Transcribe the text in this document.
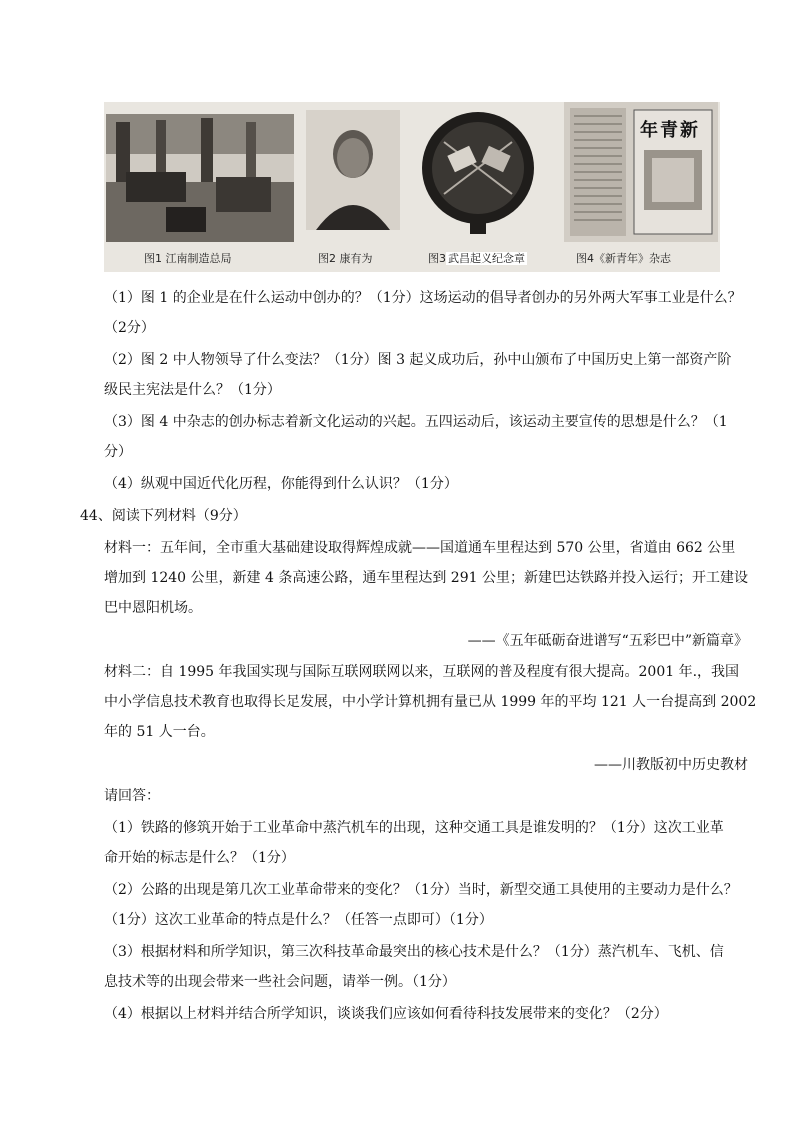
图1 江南制造总局	图2 康有为	图3 武昌起义纪念章
年青新
图4《新青年》杂志
（1）图 1 的企业是在什么运动中创办的？（1分）这场运动的倡导者创办的另外两大军事工业是什么？
（2分）
（2）图 2 中人物领导了什么变法？（1分）图 3 起义成功后，孙中山颁布了中国历史上第一部资产阶
级民主宪法是什么？（1分）
（3）图 4 中杂志的创办标志着新文化运动的兴起。五四运动后，该运动主要宣传的思想是什么？（1
分）
（4）纵观中国近代化历程，你能得到什么认识？（1分）
44、阅读下列材料（9分）
材料一：五年间，全市重大基础建设取得辉煌成就——国道通车里程达到 570 公里，省道由 662 公里
增加到 1240 公里，新建 4 条高速公路，通车里程达到 291 公里；新建巴达铁路并投入运行；开工建设
巴中恩阳机场。
——《五年砥砺奋进谱写“五彩巴中”新篇章》
材料二：自 1995 年我国实现与国际互联网联网以来，互联网的普及程度有很大提高。2001 年.，我国
中小学信息技术教育也取得长足发展，中小学计算机拥有量已从 1999 年的平均 121 人一台提高到 2002
年的 51 人一台。
——川教版初中历史教材
请回答：
（1）铁路的修筑开始于工业革命中蒸汽机车的出现，这种交通工具是谁发明的？（1分）这次工业革
命开始的标志是什么？（1分）
（2）公路的出现是第几次工业革命带来的变化？（1分）当时，新型交通工具使用的主要动力是什么？
（1分）这次工业革命的特点是什么？（任答一点即可）（1分）
（3）根据材料和所学知识，第三次科技革命最突出的核心技术是什么？（1分）蒸汽机车、飞机、信
息技术等的出现会带来一些社会问题，请举一例。（1分）
（4）根据以上材料并结合所学知识，谈谈我们应该如何看待科技发展带来的变化？（2分）
